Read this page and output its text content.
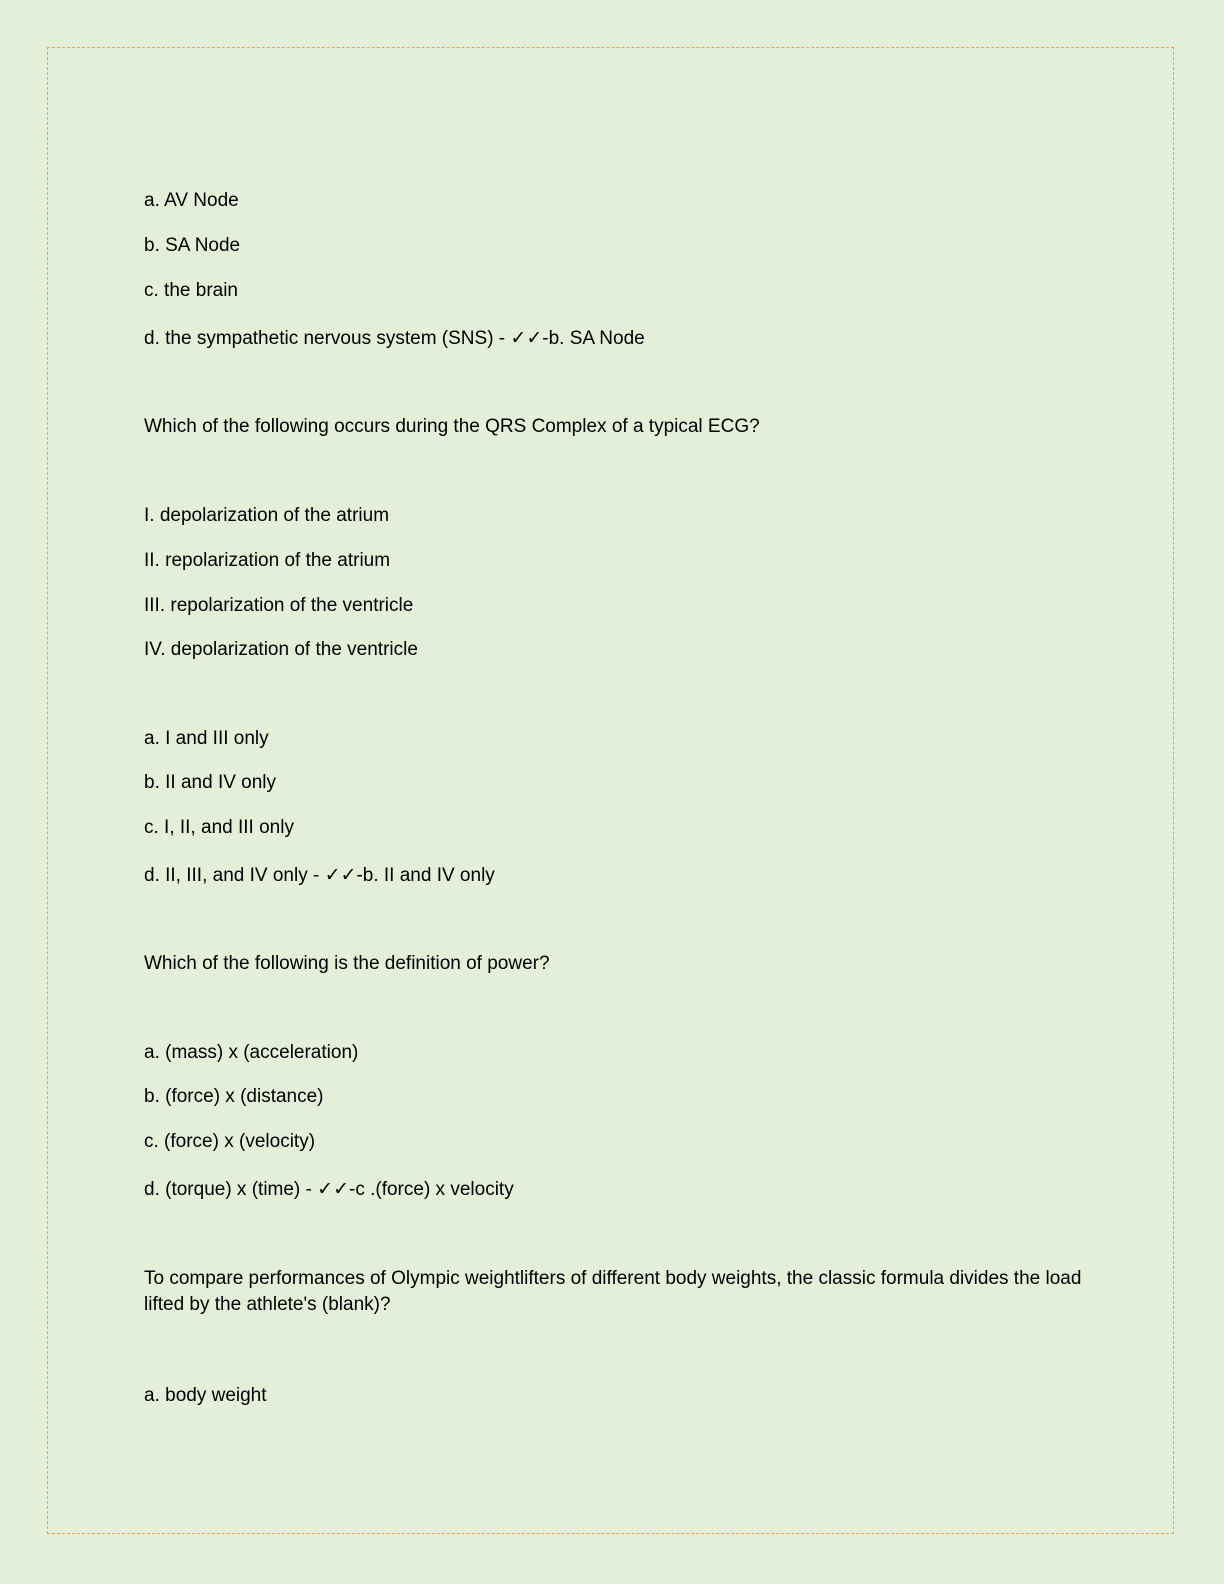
a. AV Node
b. SA Node
c. the brain
d. the sympathetic nervous system (SNS) - ✓✓-b. SA Node
Which of the following occurs during the QRS Complex of a typical ECG?
I. depolarization of the atrium
II. repolarization of the atrium
III. repolarization of the ventricle
IV. depolarization of the ventricle
a. I and III only
b. II and IV only
c. I, II, and III only
d. II, III, and IV only - ✓✓-b. II and IV only
Which of the following is the definition of power?
a. (mass) x (acceleration)
b. (force) x (distance)
c. (force) x (velocity)
d. (torque) x (time) - ✓✓-c .(force) x velocity
To compare performances of Olympic weightlifters of different body weights, the classic formula divides the load lifted by the athlete's (blank)?
a. body weight
